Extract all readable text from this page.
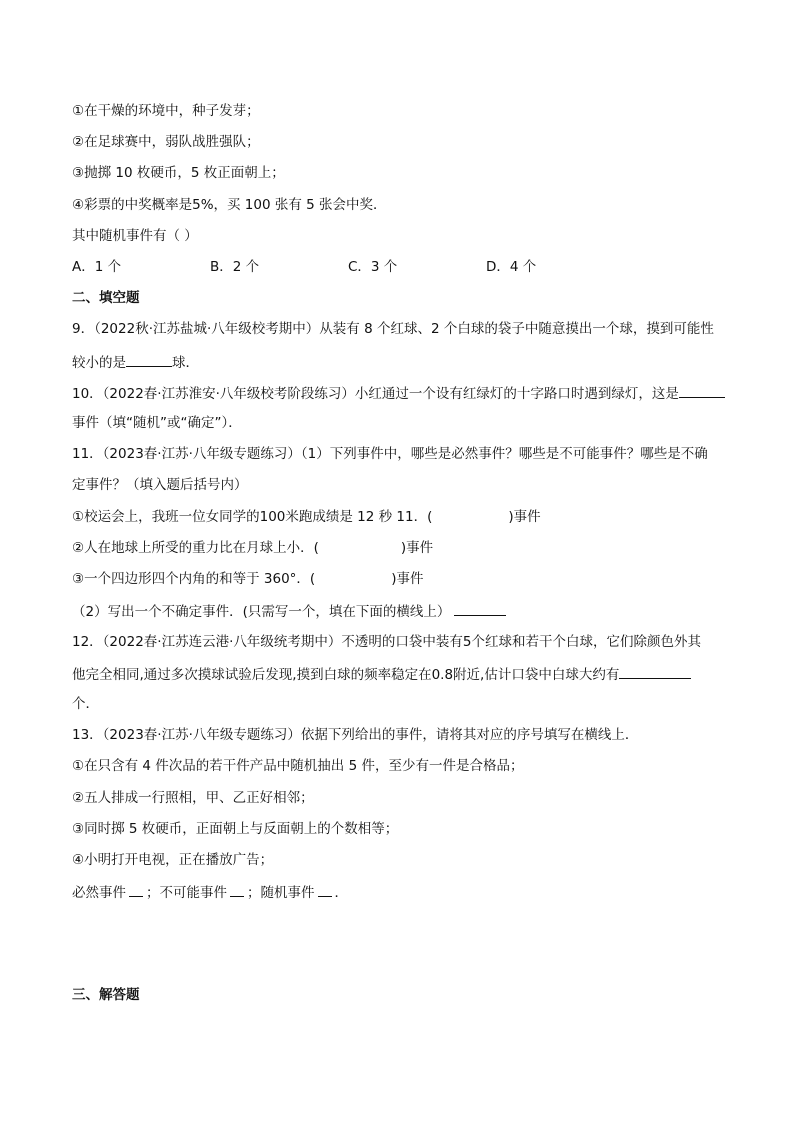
①在干燥的环境中，种子发芽；
②在足球赛中，弱队战胜强队；
③抛掷 10 枚硬币，5 枚正面朝上；
④彩票的中奖概率是5%，买 100 张有 5 张会中奖．
其中随机事件有（ ）
A．1 个	B．2 个	C．3 个	D．4 个
二、填空题
9．（2022秋·江苏盐城·八年级校考期中）从装有 8 个红球、2 个白球的袋子中随意摸出一个球，摸到可能性
较小的是	球．
10．（2022春·江苏淮安·八年级校考阶段练习）小红通过一个设有红绿灯的十字路口时遇到绿灯，这是
事件（填“随机”或“确定”）．
11．（2023春·江苏·八年级专题练习）（1）下列事件中，哪些是必然事件？哪些是不可能事件？哪些是不确
定事件？（填入题后括号内）
①校运会上，我班一位女同学的100米跑成绩是 12 秒 11．(	)事件
②人在地球上所受的重力比在月球上小．(	)事件
③一个四边形四个内角的和等于 360°．(	)事件
（2）写出一个不确定事件．(只需写一个，填在下面的横线上）
12．（2022春·江苏连云港·八年级统考期中）不透明的口袋中装有5个红球和若干个白球，它们除颜色外其
他完全相同,通过多次摸球试验后发现,摸到白球的频率稳定在0.8附近,估计口袋中白球大约有
个．
13．（2023春·江苏·八年级专题练习）依据下列给出的事件，请将其对应的序号填写在横线上．
①在只含有 4 件次品的若干件产品中随机抽出 5 件，至少有一件是合格品；
②五人排成一行照相，甲、乙正好相邻；
③同时掷 5 枚硬币，正面朝上与反面朝上的个数相等；
④小明打开电视，正在播放广告；
必然事件 ；不可能事件 ；随机事件 ．
三、解答题
